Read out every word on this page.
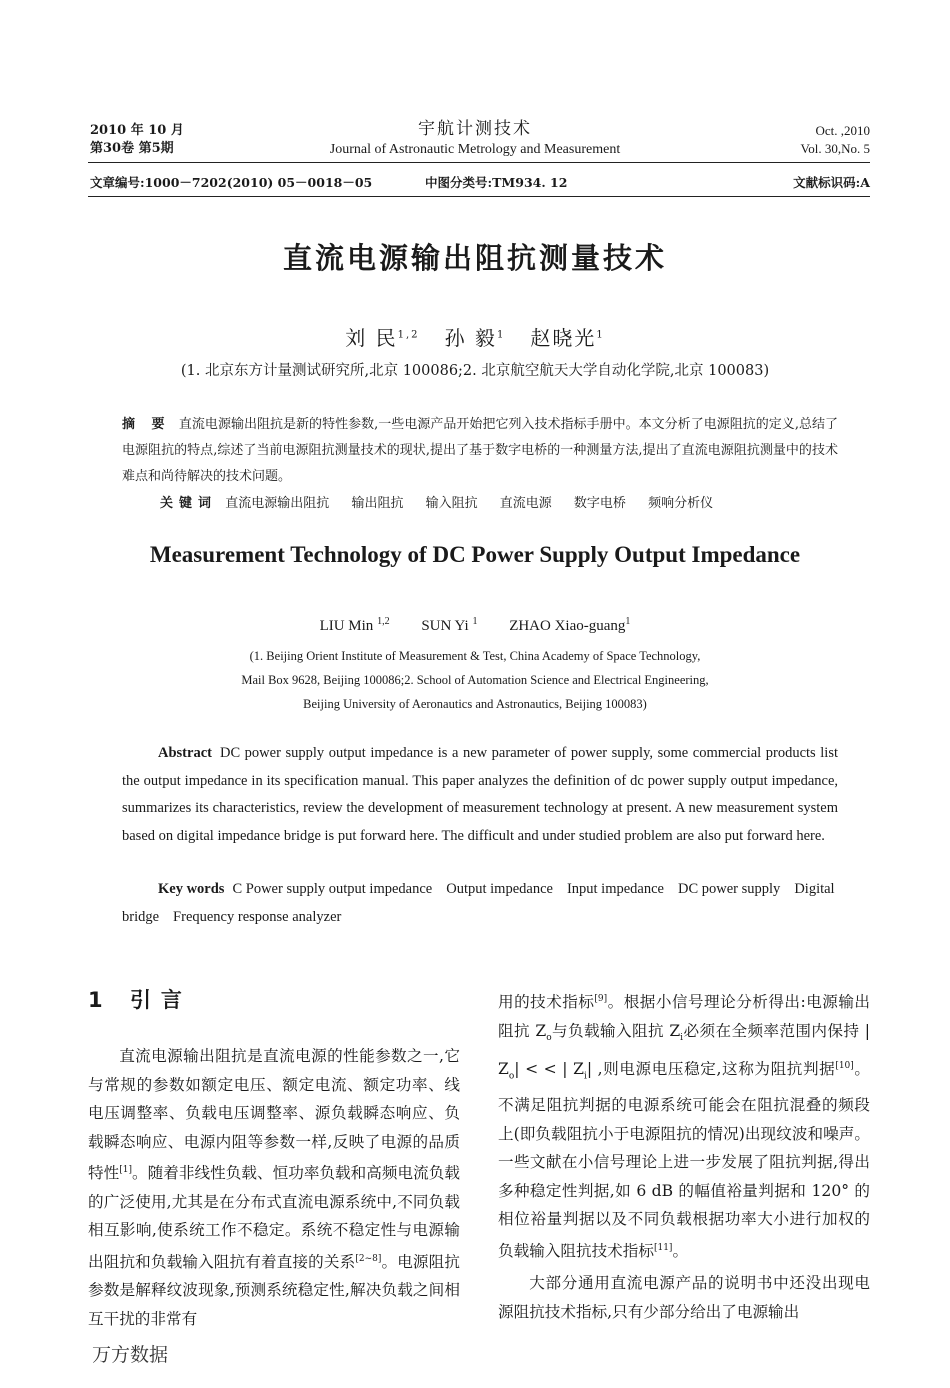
2010 年 10 月
第30卷 第5期
宇航计测技术
Journal of Astronautic Metrology and Measurement
Oct. ,2010
Vol. 30,No. 5
文章编号:1000－7202(2010) 05－0018－05	中图分类号:TM934. 12	文献标识码:A
直流电源输出阻抗测量技术
刘 民$^{1,2}$ 孙 毅$^1$ 赵晓光$^1$
(1. 北京东方计量测试研究所,北京 100086;2. 北京航空航天大学自动化学院,北京 100083)
摘 要 直流电源输出阻抗是新的特性参数,一些电源产品开始把它列入技术指标手册中。本文分析了电源阻抗的定义,总结了电源阻抗的特点,综述了当前电源阻抗测量技术的现状,提出了基于数字电桥的一种测量方法,提出了直流电源阻抗测量中的技术难点和尚待解决的技术问题。
关键词 直流电源输出阻抗 输出阻抗 输入阻抗 直流电源 数字电桥 频响分析仪
Measurement Technology of DC Power Supply Output Impedance
LIU Min $^{1,2}$ SUN Yi $^1$ ZHAO Xiao-guang$^1$
(1. Beijing Orient Institute of Measurement & Test, China Academy of Space Technology,
Mail Box 9628, Beijing 100086;2. School of Automation Science and Electrical Engineering,
Beijing University of Aeronautics and Astronautics, Beijing 100083)
Abstract DC power supply output impedance is a new parameter of power supply, some commercial products list the output impedance in its specification manual. This paper analyzes the definition of dc power supply output impedance, summarizes its characteristics, review the development of measurement technology at present. A new measurement system based on digital impedance bridge is put forward here. The difficult and under studied problem are also put forward here.
Key words C Power supply output impedance Output impedance Input impedance DC power supply Digital bridge Frequency response analyzer
1 引言

直流电源输出阻抗是直流电源的性能参数之一,它与常规的参数如额定电压、额定电流、额定功率、线电压调整率、负载电压调整率、源负载瞬态响应、负载瞬态响应、电源内阻等参数一样,反映了电源的品质特性[1]。随着非线性负载、恒功率负载和高频电流负载的广泛使用,尤其是在分布式直流电源系统中,不同负载相互影响,使系统工作不稳定。系统不稳定性与电源输出阻抗和负载输入阻抗有着直接的关系[2~8]。电源阻抗参数是解释纹波现象,预测系统稳定性,解决负载之间相互干扰的非常有

用的技术指标[9]。根据小信号理论分析得出:电源输出阻抗 $Z_o$与负载输入阻抗 $Z_i$必须在全频率范围内保持 | $Z_o|$ < < | $Z_i|$ ,则电源电压稳定,这称为阻抗判据[10]。不满足阻抗判据的电源系统可能会在阻抗混叠的频段上(即负载阻抗小于电源阻抗的情况)出现纹波和噪声。一些文献在小信号理论上进一步发展了阻抗判据,得出多种稳定性判据,如 6 dB 的幅值裕量判据和 120° 的相位裕量判据以及不同负载根据功率大小进行加权的负载输入阻抗技术指标[11]。

大部分通用直流电源产品的说明书中还没出现电源阻抗技术指标,只有少部分给出了电源输出

万方数据
